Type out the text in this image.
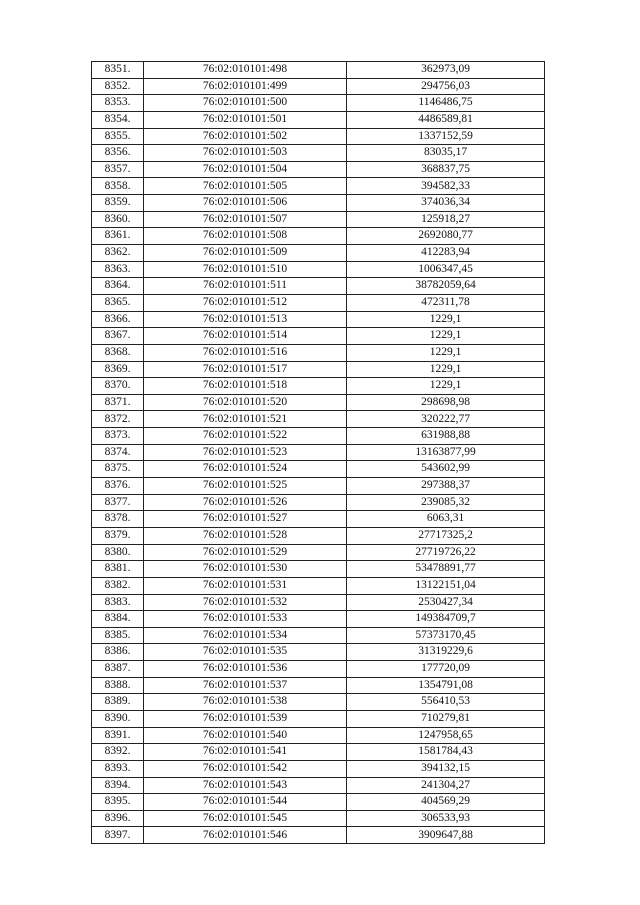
8351.	76:02:010101:498	362973,09
8352.	76:02:010101:499	294756,03
8353.	76:02:010101:500	1146486,75
8354.	76:02:010101:501	4486589,81
8355.	76:02:010101:502	1337152,59
8356.	76:02:010101:503	83035,17
8357.	76:02:010101:504	368837,75
8358.	76:02:010101:505	394582,33
8359.	76:02:010101:506	374036,34
8360.	76:02:010101:507	125918,27
8361.	76:02:010101:508	2692080,77
8362.	76:02:010101:509	412283,94
8363.	76:02:010101:510	1006347,45
8364.	76:02:010101:511	38782059,64
8365.	76:02:010101:512	472311,78
8366.	76:02:010101:513	1229,1
8367.	76:02:010101:514	1229,1
8368.	76:02:010101:516	1229,1
8369.	76:02:010101:517	1229,1
8370.	76:02:010101:518	1229,1
8371.	76:02:010101:520	298698,98
8372.	76:02:010101:521	320222,77
8373.	76:02:010101:522	631988,88
8374.	76:02:010101:523	13163877,99
8375.	76:02:010101:524	543602,99
8376.	76:02:010101:525	297388,37
8377.	76:02:010101:526	239085,32
8378.	76:02:010101:527	6063,31
8379.	76:02:010101:528	27717325,2
8380.	76:02:010101:529	27719726,22
8381.	76:02:010101:530	53478891,77
8382.	76:02:010101:531	13122151,04
8383.	76:02:010101:532	2530427,34
8384.	76:02:010101:533	149384709,7
8385.	76:02:010101:534	57373170,45
8386.	76:02:010101:535	31319229,6
8387.	76:02:010101:536	177720,09
8388.	76:02:010101:537	1354791,08
8389.	76:02:010101:538	556410,53
8390.	76:02:010101:539	710279,81
8391.	76:02:010101:540	1247958,65
8392.	76:02:010101:541	1581784,43
8393.	76:02:010101:542	394132,15
8394.	76:02:010101:543	241304,27
8395.	76:02:010101:544	404569,29
8396.	76:02:010101:545	306533,93
8397.	76:02:010101:546	3909647,88
